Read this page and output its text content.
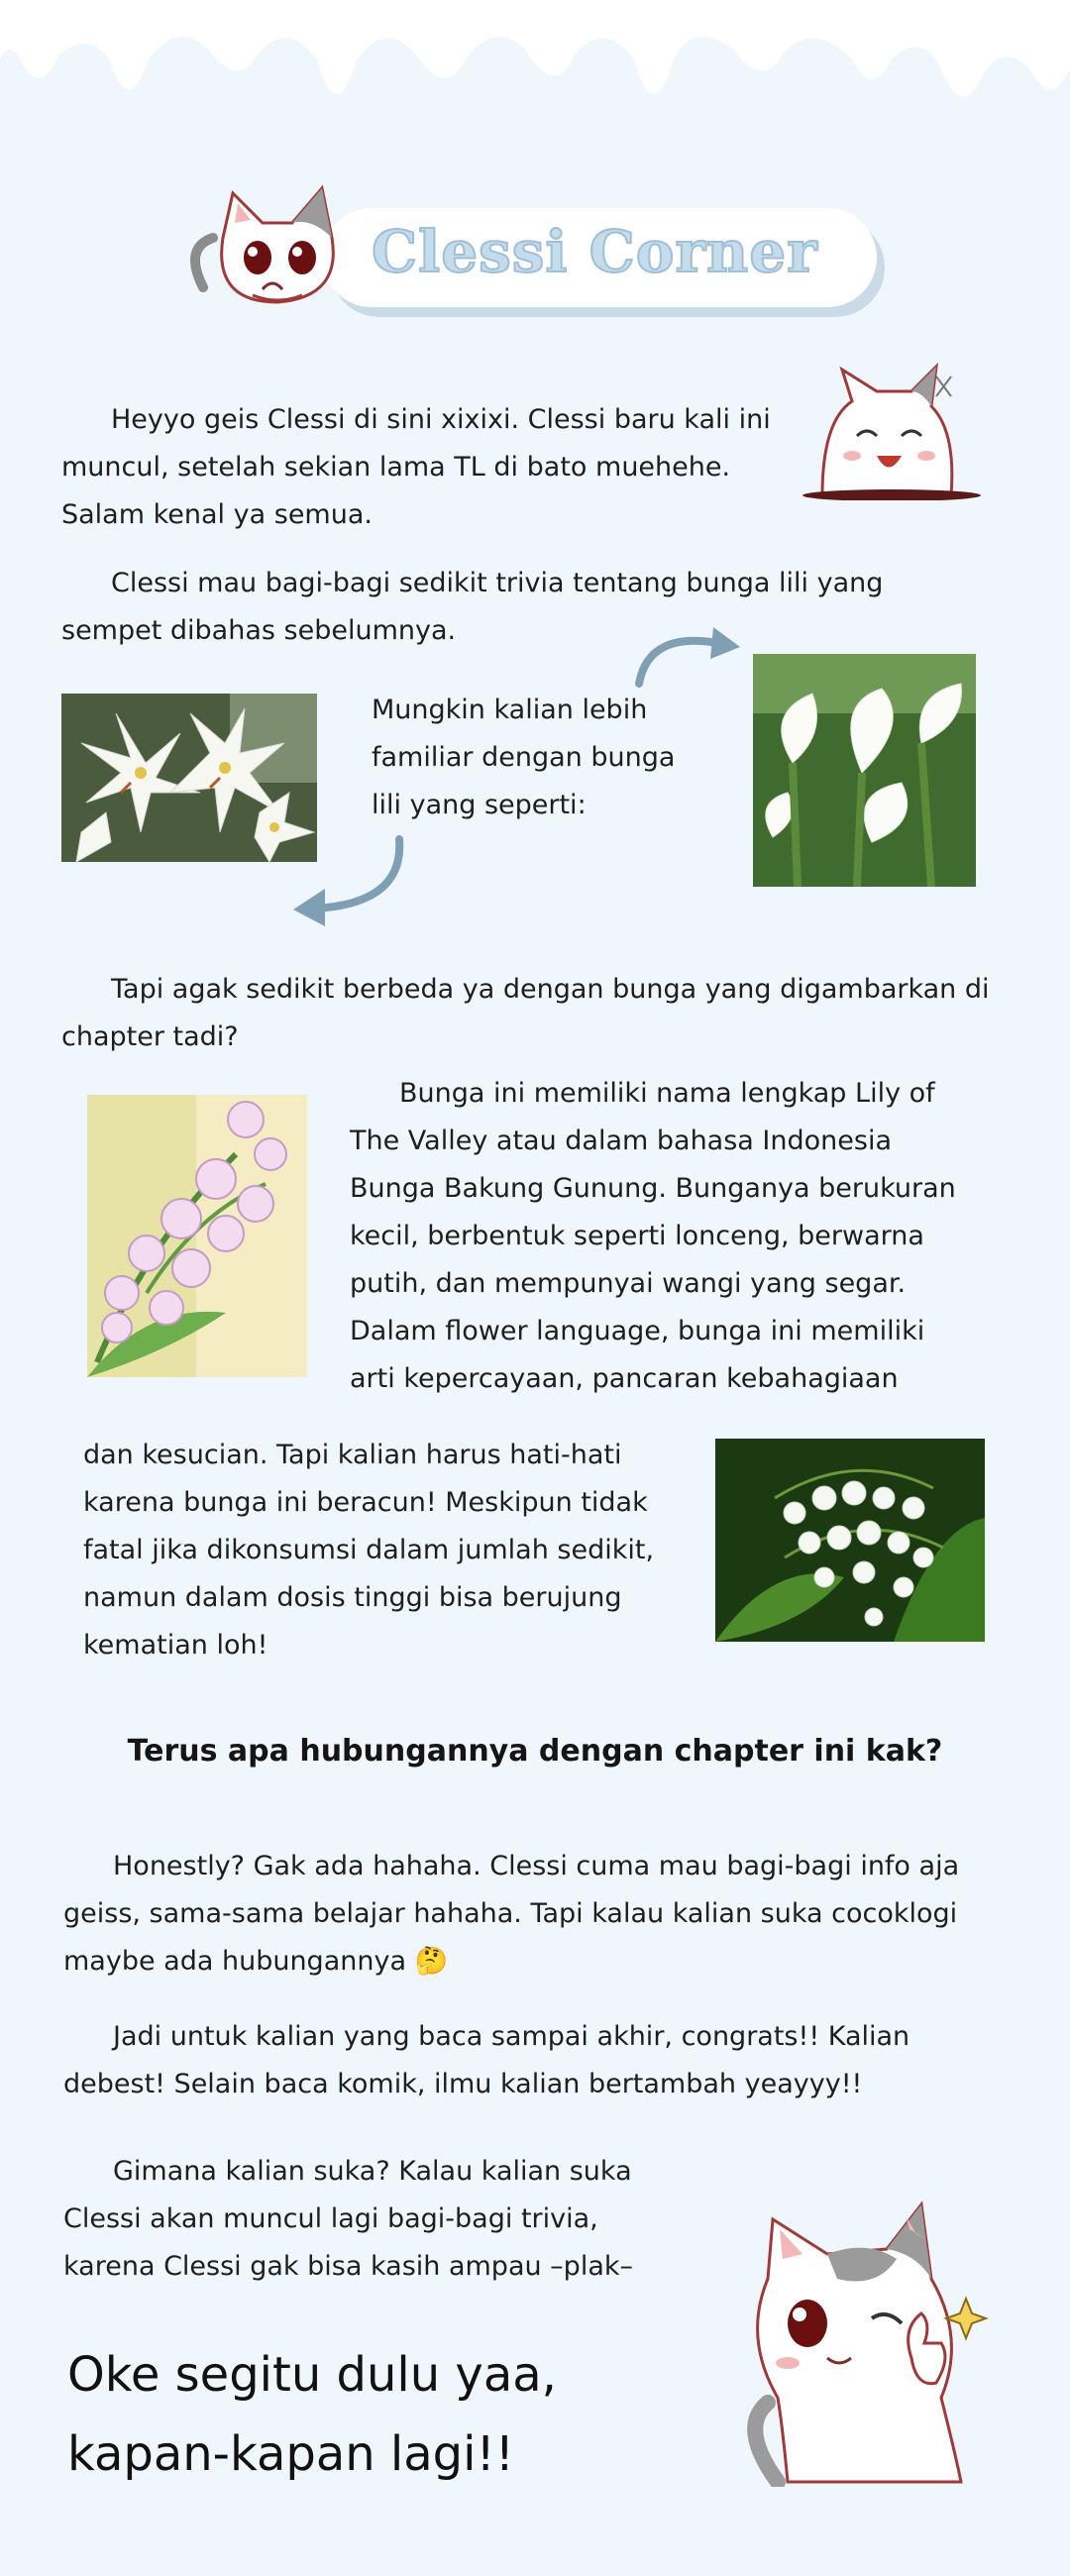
Clessi Corner
Heyyo geis Clessi di sini xixixi. Clessi baru kali ini muncul, setelah sekian lama TL di bato muehehe. Salam kenal ya semua.
Clessi mau bagi-bagi sedikit trivia tentang bunga lili yang sempet dibahas sebelumnya.
Mungkin kalian lebih familiar dengan bunga lili yang seperti:
Tapi agak sedikit berbeda ya dengan bunga yang digambarkan di chapter tadi?
Bunga ini memiliki nama lengkap Lily of The Valley atau dalam bahasa Indonesia Bunga Bakung Gunung. Bunganya berukuran kecil, berbentuk seperti lonceng, berwarna putih, dan mempunyai wangi yang segar. Dalam flower language, bunga ini memiliki arti kepercayaan, pancaran kebahagiaan
dan kesucian. Tapi kalian harus hati-hati karena bunga ini beracun! Meskipun tidak fatal jika dikonsumsi dalam jumlah sedikit, namun dalam dosis tinggi bisa berujung kematian loh!
Terus apa hubungannya dengan chapter ini kak?
Honestly? Gak ada hahaha. Clessi cuma mau bagi-bagi info aja geiss, sama-sama belajar hahaha. Tapi kalau kalian suka cocoklogi maybe ada hubungannya 🤔
Jadi untuk kalian yang baca sampai akhir, congrats!! Kalian debest! Selain baca komik, ilmu kalian bertambah yeayyy!!
Gimana kalian suka? Kalau kalian suka Clessi akan muncul lagi bagi-bagi trivia, karena Clessi gak bisa kasih ampau –plak–
Oke segitu dulu yaa,
kapan-kapan lagi!!
